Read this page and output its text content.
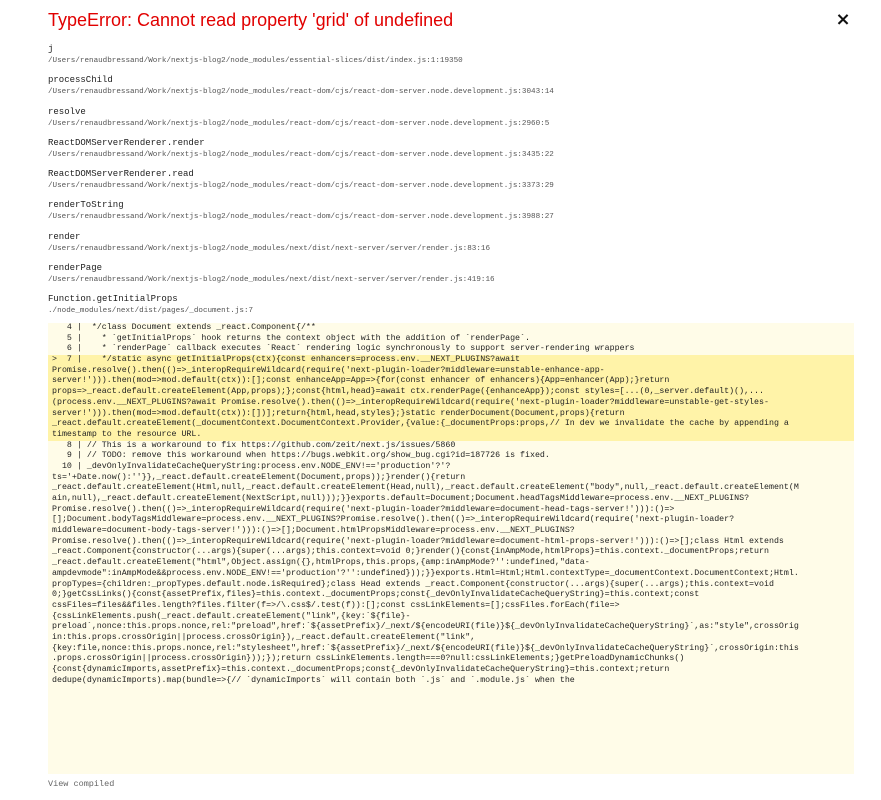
TypeError: Cannot read property 'grid' of undefined	×
j
/Users/renaudbressand/Work/nextjs-blog2/node_modules/essential-slices/dist/index.js:1:19350
processChild
/Users/renaudbressand/Work/nextjs-blog2/node_modules/react-dom/cjs/react-dom-server.node.development.js:3043:14
resolve
/Users/renaudbressand/Work/nextjs-blog2/node_modules/react-dom/cjs/react-dom-server.node.development.js:2960:5
ReactDOMServerRenderer.render
/Users/renaudbressand/Work/nextjs-blog2/node_modules/react-dom/cjs/react-dom-server.node.development.js:3435:22
ReactDOMServerRenderer.read
/Users/renaudbressand/Work/nextjs-blog2/node_modules/react-dom/cjs/react-dom-server.node.development.js:3373:29
renderToString
/Users/renaudbressand/Work/nextjs-blog2/node_modules/react-dom/cjs/react-dom-server.node.development.js:3988:27
render
/Users/renaudbressand/Work/nextjs-blog2/node_modules/next/dist/next-server/server/render.js:83:16
renderPage
/Users/renaudbressand/Work/nextjs-blog2/node_modules/next/dist/next-server/server/render.js:419:16
Function.getInitialProps
./node_modules/next/dist/pages/_document.js:7
4 |  */class Document extends _react.Component{/**
5 |    * `getInitialProps` hook returns the context object with the addition of `renderPage`.
6 |    * `renderPage` callback executes `React` rendering logic synchronously to support server-rendering wrappers
>  7 |    */static async getInitialProps(ctx){const enhancers=process.env.__NEXT_PLUGINS?await
Promise.resolve().then(()=>_interopRequireWildcard(require('next-plugin-loader?middleware=unstable-enhance-app-
server!'))).then(mod=>mod.default(ctx)):[];const enhanceApp=App=>{for(const enhancer of enhancers){App=enhancer(App);}return
props=>_react.default.createElement(App,props);};const{html,head}=await ctx.renderPage({enhanceApp});const styles=[...(0,_server.default)(),...
(process.env.__NEXT_PLUGINS?await Promise.resolve().then(()=>_interopRequireWildcard(require('next-plugin-loader?middleware=unstable-get-styles-
server!'))).then(mod=>mod.default(ctx)):[])];return{html,head,styles};}static renderDocument(Document,props){return
_react.default.createElement(_documentContext.DocumentContext.Provider,{value:{_documentProps:props,// In dev we invalidate the cache by appending a
timestamp to the resource URL.
8 | // This is a workaround to fix https://github.com/zeit/next.js/issues/5860
9 | // TODO: remove this workaround when https://bugs.webkit.org/show_bug.cgi?id=187726 is fixed.
10 | _devOnlyInvalidateCacheQueryString:process.env.NODE_ENV!=='production'?'?
ts='+Date.now():''}},_react.default.createElement(Document,props));}render(){return
_react.default.createElement(Html,null,_react.default.createElement(Head,null),_react.default.createElement("body",null,_react.default.createElement(M
ain,null),_react.default.createElement(NextScript,null)));}}exports.default=Document;Document.headTagsMiddleware=process.env.__NEXT_PLUGINS?
Promise.resolve().then(()=>_interopRequireWildcard(require('next-plugin-loader?middleware=document-head-tags-server!'))):()=>
[];Document.bodyTagsMiddleware=process.env.__NEXT_PLUGINS?Promise.resolve().then(()=>_interopRequireWildcard(require('next-plugin-loader?
middleware=document-body-tags-server!'))):()=>[];Document.htmlPropsMiddleware=process.env.__NEXT_PLUGINS?
Promise.resolve().then(()=>_interopRequireWildcard(require('next-plugin-loader?middleware=document-html-props-server!'))):()=>[];class Html extends
_react.Component{constructor(...args){super(...args);this.context=void 0;}render(){const{inAmpMode,htmlProps}=this.context._documentProps;return
_react.default.createElement("html",Object.assign({},htmlProps,this.props,{amp:inAmpMode?'':undefined,"data-
ampdevmode":inAmpMode&&process.env.NODE_ENV!=='production'?'':undefined}));}}exports.Html=Html;Html.contextType=_documentContext.DocumentContext;Html.
propTypes={children:_propTypes.default.node.isRequired};class Head extends _react.Component{constructor(...args){super(...args);this.context=void
0;}getCssLinks(){const{assetPrefix,files}=this.context._documentProps;const{_devOnlyInvalidateCacheQueryString}=this.context;const
cssFiles=files&&files.length?files.filter(f=>/\.css$/.test(f)):[];const cssLinkElements=[];cssFiles.forEach(file=>
{cssLinkElements.push(_react.default.createElement("link",{key:`${file}-
preload`,nonce:this.props.nonce,rel:"preload",href:`${assetPrefix}/_next/${encodeURI(file)}${_devOnlyInvalidateCacheQueryString}`,as:"style",crossOrig
in:this.props.crossOrigin||process.crossOrigin}),_react.default.createElement("link",
{key:file,nonce:this.props.nonce,rel:"stylesheet",href:`${assetPrefix}/_next/${encodeURI(file)}${_devOnlyInvalidateCacheQueryString}`,crossOrigin:this
.props.crossOrigin||process.crossOrigin}));});return cssLinkElements.length===0?null:cssLinkElements;}getPreloadDynamicChunks()
{const{dynamicImports,assetPrefix}=this.context._documentProps;const{_devOnlyInvalidateCacheQueryString}=this.context;return
dedupe(dynamicImports).map(bundle=>{// `dynamicImports` will contain both `.js` and `.module.js` when the
View compiled
